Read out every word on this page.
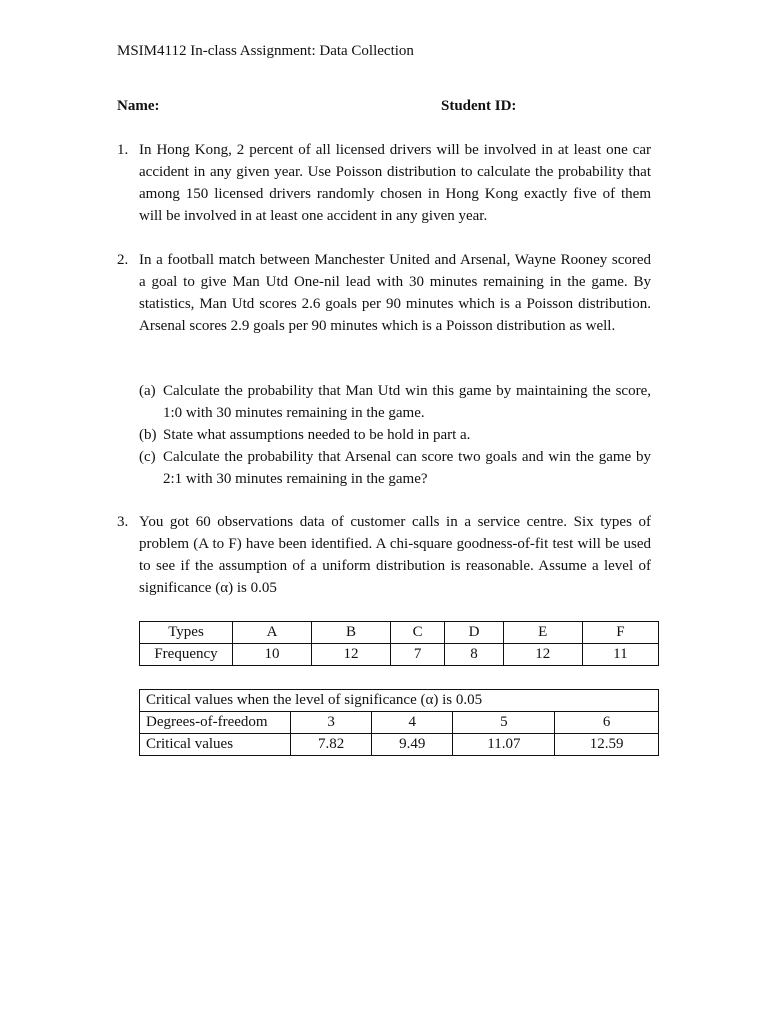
MSIM4112 In-class Assignment: Data Collection
Name:	Student ID:
1. In Hong Kong, 2 percent of all licensed drivers will be involved in at least one car accident in any given year. Use Poisson distribution to calculate the probability that among 150 licensed drivers randomly chosen in Hong Kong exactly five of them will be involved in at least one accident in any given year.

2. In a football match between Manchester United and Arsenal, Wayne Rooney scored a goal to give Man Utd One-nil lead with 30 minutes remaining in the game. By statistics, Man Utd scores 2.6 goals per 90 minutes which is a Poisson distribution. Arsenal scores 2.9 goals per 90 minutes which is a Poisson distribution as well.

(a) Calculate the probability that Man Utd win this game by maintaining the score, 1:0 with 30 minutes remaining in the game.
(b) State what assumptions needed to be hold in part a.
(c) Calculate the probability that Arsenal can score two goals and win the game by 2:1 with 30 minutes remaining in the game?
3. You got 60 observations data of customer calls in a service centre. Six types of problem (A to F) have been identified. A chi-square goodness-of-fit test will be used to see if the assumption of a uniform distribution is reasonable. Assume a level of significance (α) is 0.05

Types	A	B	C	D	E	F
Frequency	10	12	7	8	12	11
Critical values when the level of significance (α) is 0.05				
Degrees-of-freedom	3	4	5	6
Critical values	7.82	9.49	11.07	12.59
